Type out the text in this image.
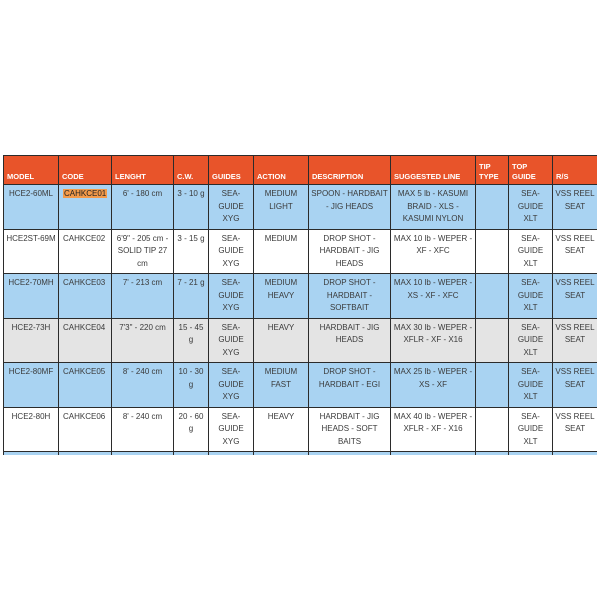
MODEL	CODE	LENGHT	C.W.	GUIDES	ACTION	DESCRIPTION	SUGGESTED LINE	TIP TYPE	TOP GUIDE	R/S
HCE2-60ML	CAHKCE01	6' - 180 cm	3 - 10 g	SEA-GUIDE XYG	MEDIUM LIGHT	SPOON - HARDBAIT - JIG HEADS	MAX 5 lb - KASUMI BRAID - XLS - KASUMI NYLON		SEA-GUIDE XLT	VSS REEL SEAT
HCE2ST-69M	CAHKCE02	6'9" - 205 cm - SOLID TIP 27 cm	3 - 15 g	SEA-GUIDE XYG	MEDIUM	DROP SHOT - HARDBAIT - JIG HEADS	MAX 10 lb - WEPER - XF - XFC		SEA-GUIDE XLT	VSS REEL SEAT
HCE2-70MH	CAHKCE03	7' - 213 cm	7 - 21 g	SEA-GUIDE XYG	MEDIUM HEAVY	DROP SHOT - HARDBAIT - SOFTBAIT	MAX 10 lb - WEPER - XS - XF - XFC		SEA-GUIDE XLT	VSS REEL SEAT
HCE2-73H	CAHKCE04	7'3" - 220 cm	15 - 45 g	SEA-GUIDE XYG	HEAVY	HARDBAIT - JIG HEADS	MAX 30 lb - WEPER - XFLR - XF - X16		SEA-GUIDE XLT	VSS REEL SEAT
HCE2-80MF	CAHKCE05	8' - 240 cm	10 - 30 g	SEA-GUIDE XYG	MEDIUM FAST	DROP SHOT - HARDBAIT - EGI	MAX 25 lb - WEPER - XS - XF		SEA-GUIDE XLT	VSS REEL SEAT
HCE2-80H	CAHKCE06	8' - 240 cm	20 - 60 g	SEA-GUIDE XYG	HEAVY	HARDBAIT - JIG HEADS - SOFT BAITS	MAX 40 lb - WEPER - XFLR - XF - X16		SEA-GUIDE XLT	VSS REEL SEAT
